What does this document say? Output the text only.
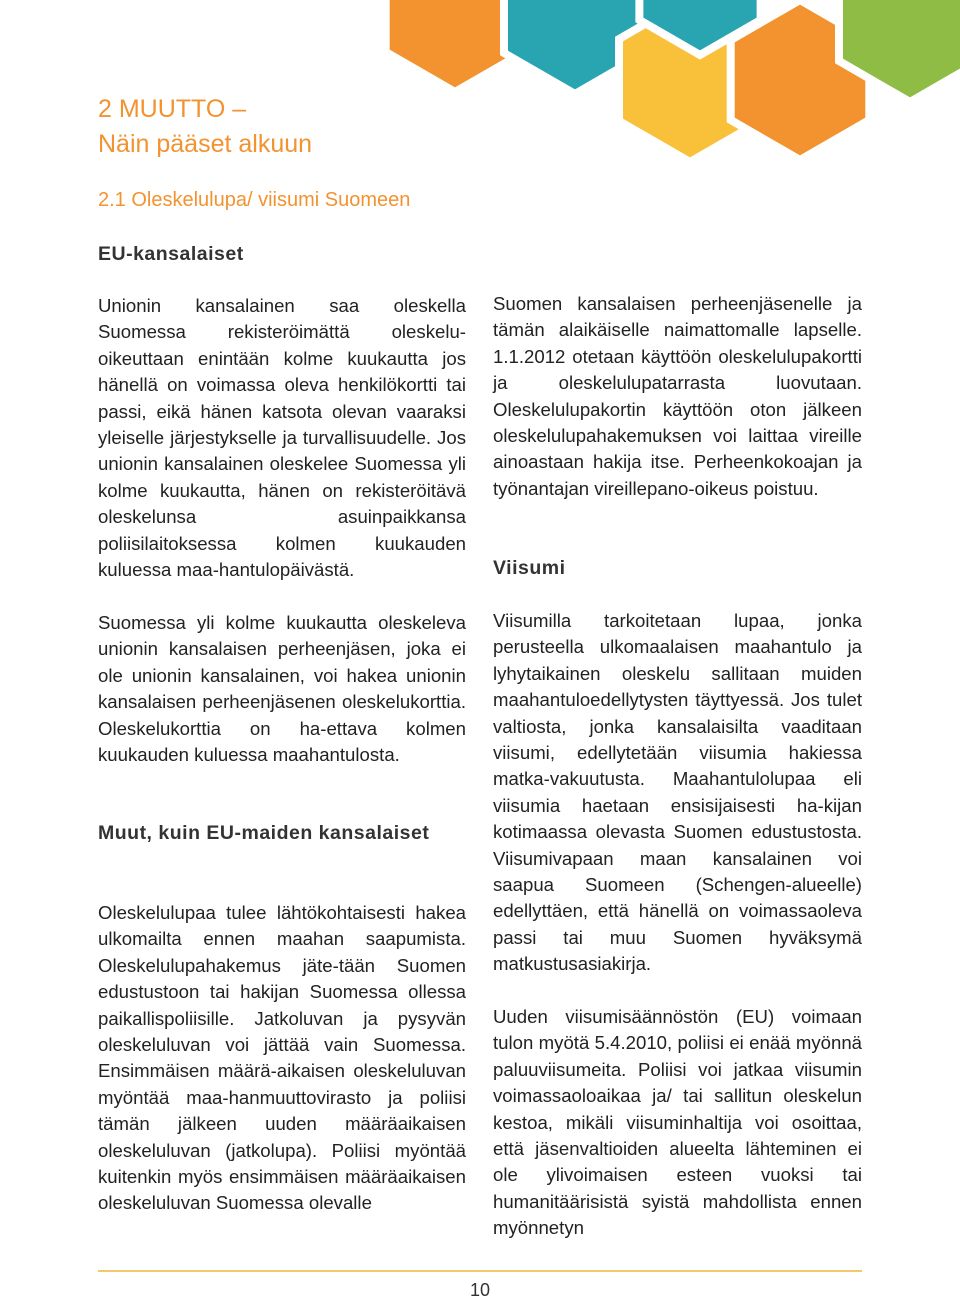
2 MUUTTO –
Näin pääset alkuun
2.1 Oleskelulupa/ viisumi Suomeen
EU-kansalaiset

Unionin kansalainen saa oleskella Suomessa rekisteröimättä oleskelu-oikeuttaan enintään kolme kuukautta jos hänellä on voimassa oleva henkilökortti tai passi, eikä hänen katsota olevan vaaraksi yleiselle järjestykselle ja turvallisuudelle. Jos unionin kansalainen oleskelee Suomessa yli kolme kuukautta, hänen on rekisteröitävä oleskelunsa asuinpaikkansa poliisilaitoksessa kolmen kuukauden kuluessa maa-hantulopäivästä.

Suomessa yli kolme kuukautta oleskeleva unionin kansalaisen perheenjäsen, joka ei ole unionin kansalainen, voi hakea unionin kansalaisen perheenjäsenen oleskelukorttia. Oleskelukorttia on ha-ettava kolmen kuukauden kuluessa maahantulosta.

Muut, kuin EU-maiden kansalaiset

Oleskelulupaa tulee lähtökohtaisesti hakea ulkomailta ennen maahan saapumista. Oleskelulupahakemus jäte-tään Suomen edustustoon tai hakijan Suomessa ollessa paikallispoliisille. Jatkoluvan ja pysyvän oleskeluluvan voi jättää vain Suomessa. Ensimmäisen määrä-aikaisen oleskeluluvan myöntää maa-hanmuuttovirasto ja poliisi tämän jälkeen uuden määräaikaisen oleskeluluvan (jatkolupa). Poliisi myöntää kuitenkin myös ensimmäisen määräaikaisen oleskeluluvan Suomessa olevalle

Suomen kansalaisen perheenjäsenelle ja tämän alaikäiselle naimattomalle lapselle. 1.1.2012 otetaan käyttöön oleskelulupakortti ja oleskelulupatarrasta luovutaan. Oleskelulupakortin käyttöön oton jälkeen oleskelulupahakemuksen voi laittaa vireille ainoastaan hakija itse. Perheenkokoajan ja työnantajan vireillepano-oikeus poistuu.

Viisumi

Viisumilla tarkoitetaan lupaa, jonka perusteella ulkomaalaisen maahantulo ja lyhytaikainen oleskelu sallitaan muiden maahantuloedellytysten täyttyessä. Jos tulet valtiosta, jonka kansalaisilta vaaditaan viisumi, edellytetään viisumia hakiessa matka-vakuutusta. Maahantulolupaa eli viisumia haetaan ensisijaisesti ha-kijan kotimaassa olevasta Suomen edustustosta. Viisumivapaan maan kansalainen voi saapua Suomeen (Schengen-alueelle) edellyttäen, että hänellä on voimassaoleva passi tai muu Suomen hyväksymä matkustusasiakirja.

Uuden viisumisäännöstön (EU) voimaan tulon myötä 5.4.2010, poliisi ei enää myönnä paluuviisumeita. Poliisi voi jatkaa viisumin voimassaoloaikaa ja/ tai sallitun oleskelun kestoa, mikäli viisuminhaltija voi osoittaa, että jäsenvaltioiden alueelta lähteminen ei ole ylivoimaisen esteen vuoksi tai humanitäärisistä syistä mahdollista ennen myönnetyn

10
